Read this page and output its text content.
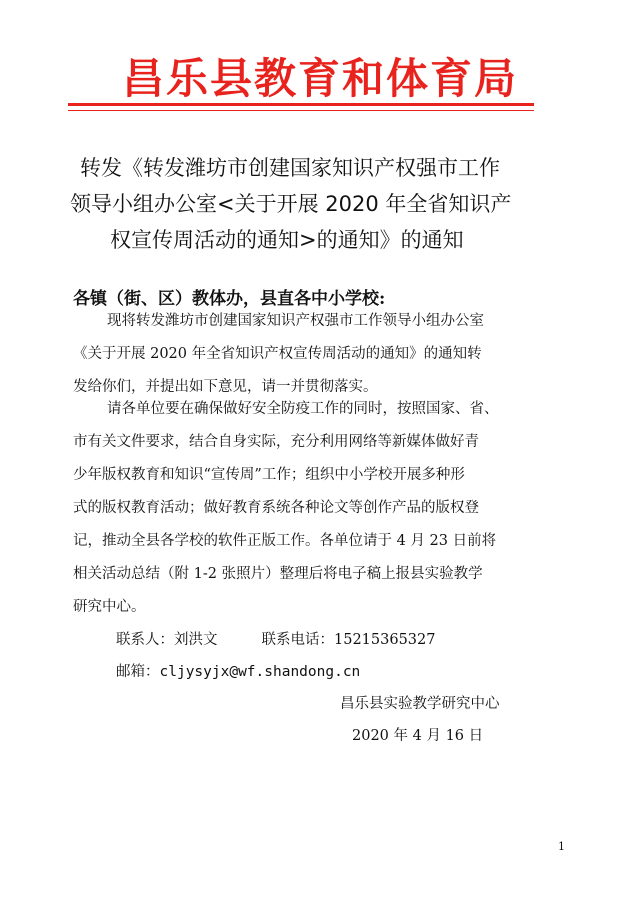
昌乐县教育和体育局
转发《转发潍坊市创建国家知识产权强市工作
领导小组办公室<关于开展 2020 年全省知识产
权宣传周活动的通知>的通知》的通知
各镇（街、区）教体办，县直各中小学校:
现将转发潍坊市创建国家知识产权强市工作领导小组办公室
《关于开展 2020 年全省知识产权宣传周活动的通知》的通知转
发给你们，并提出如下意见，请一并贯彻落实。
请各单位要在确保做好安全防疫工作的同时，按照国家、省、
市有关文件要求，结合自身实际，充分利用网络等新媒体做好青
少年版权教育和知识“宣传周”工作；组织中小学校开展多种形
式的版权教育活动；做好教育系统各种论文等创作产品的版权登
记，推动全县各学校的软件正版工作。各单位请于 4 月 23 日前将
相关活动总结（附 1-2 张照片）整理后将电子稿上报县实验教学
研究中心。
联系人：刘洪文	联系电话：15215365327
邮箱：cljysyjx@wf.shandong.cn
昌乐县实验教学研究中心
2020 年 4 月 16 日
1
